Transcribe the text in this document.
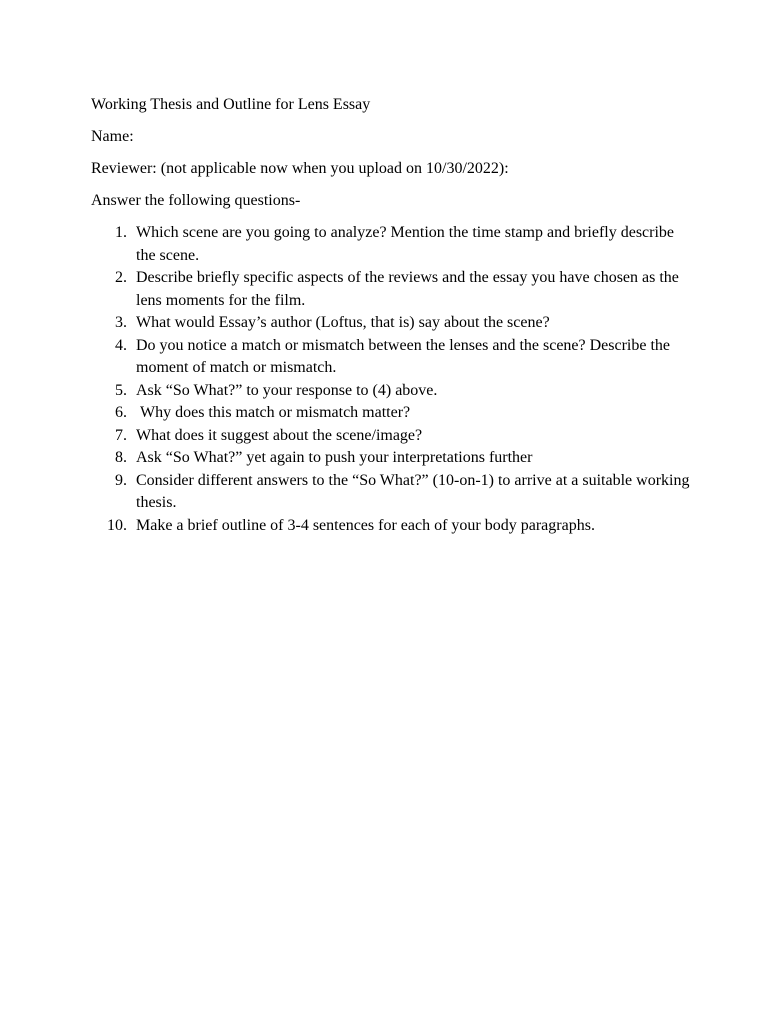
Working Thesis and Outline for Lens Essay

Name:

Reviewer: (not applicable now when you upload on 10/30/2022):

Answer the following questions-

1. Which scene are you going to analyze? Mention the time stamp and briefly describe the scene.
2. Describe briefly specific aspects of the reviews and the essay you have chosen as the lens moments for the film.
3. What would Essay’s author (Loftus, that is) say about the scene?
4. Do you notice a match or mismatch between the lenses and the scene? Describe the moment of match or mismatch.
5. Ask “So What?” to your response to (4) above.
6. Why does this match or mismatch matter?
7. What does it suggest about the scene/image?
8. Ask “So What?” yet again to push your interpretations further
9. Consider different answers to the “So What?” (10-on-1) to arrive at a suitable working thesis.
10. Make a brief outline of 3-4 sentences for each of your body paragraphs.
